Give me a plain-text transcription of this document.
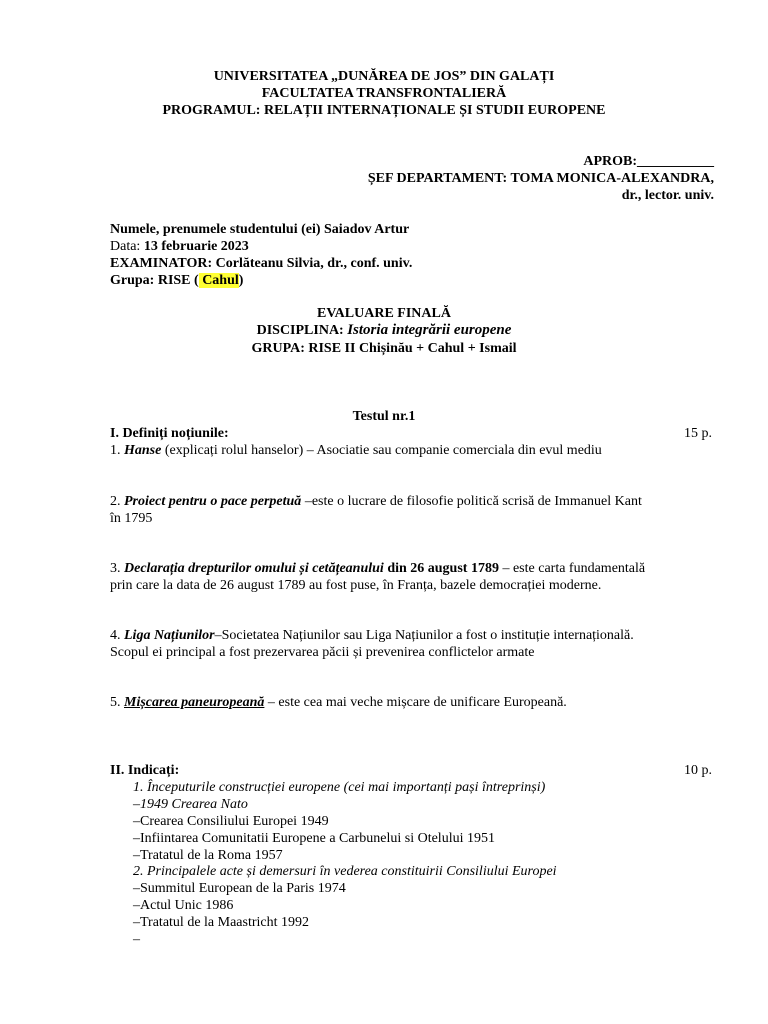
UNIVERSITATEA „DUNĂREA DE JOS” DIN GALAȚI
FACULTATEA TRANSFRONTALIERĂ
PROGRAMUL: RELAȚII INTERNAȚIONALE ȘI STUDII EUROPENE
APROB:___________
ȘEF DEPARTAMENT: TOMA MONICA-ALEXANDRA,
dr., lector. univ.
Numele, prenumele studentului (ei) Saiadov Artur
Data: 13 februarie 2023
EXAMINATOR: Corlăteanu Silvia, dr., conf. univ.
Grupa: RISE ( Cahul)
EVALUARE FINALĂ
DISCIPLINA: Istoria integrării europene
GRUPA: RISE II Chișinău + Cahul + Ismail
Testul nr.1
I. Definiți noțiunile:	15 p.
1. Hanse (explicați rolul hanselor) – Asociatie sau companie comerciala din evul mediu
2. Proiect pentru o pace perpetuă –este o lucrare de filosofie politică scrisă de Immanuel Kant
în 1795
3. Declarația drepturilor omului și cetățeanului din 26 august 1789 – este carta fundamentală
prin care la data de 26 august 1789 au fost puse, în Franța, bazele democrației moderne.
4. Liga Națiunilor–Societatea Națiunilor sau Liga Națiunilor a fost o instituție internațională.
Scopul ei principal a fost prezervarea păcii și prevenirea conflictelor armate
5. Mișcarea paneuropeană – este cea mai veche mișcare de unificare Europeană.
II. Indicați:	10 p.
1. Începuturile construcției europene (cei mai importanți pași întreprinși)
–1949 Crearea Nato
–Crearea Consiliului Europei 1949
–Infiintarea Comunitatii Europene a Carbunelui si Otelului 1951
–Tratatul de la Roma 1957
2. Principalele acte și demersuri în vederea constituirii Consiliului Europei
–Summitul European de la Paris 1974
–Actul Unic 1986
–Tratatul de la Maastricht 1992
–
